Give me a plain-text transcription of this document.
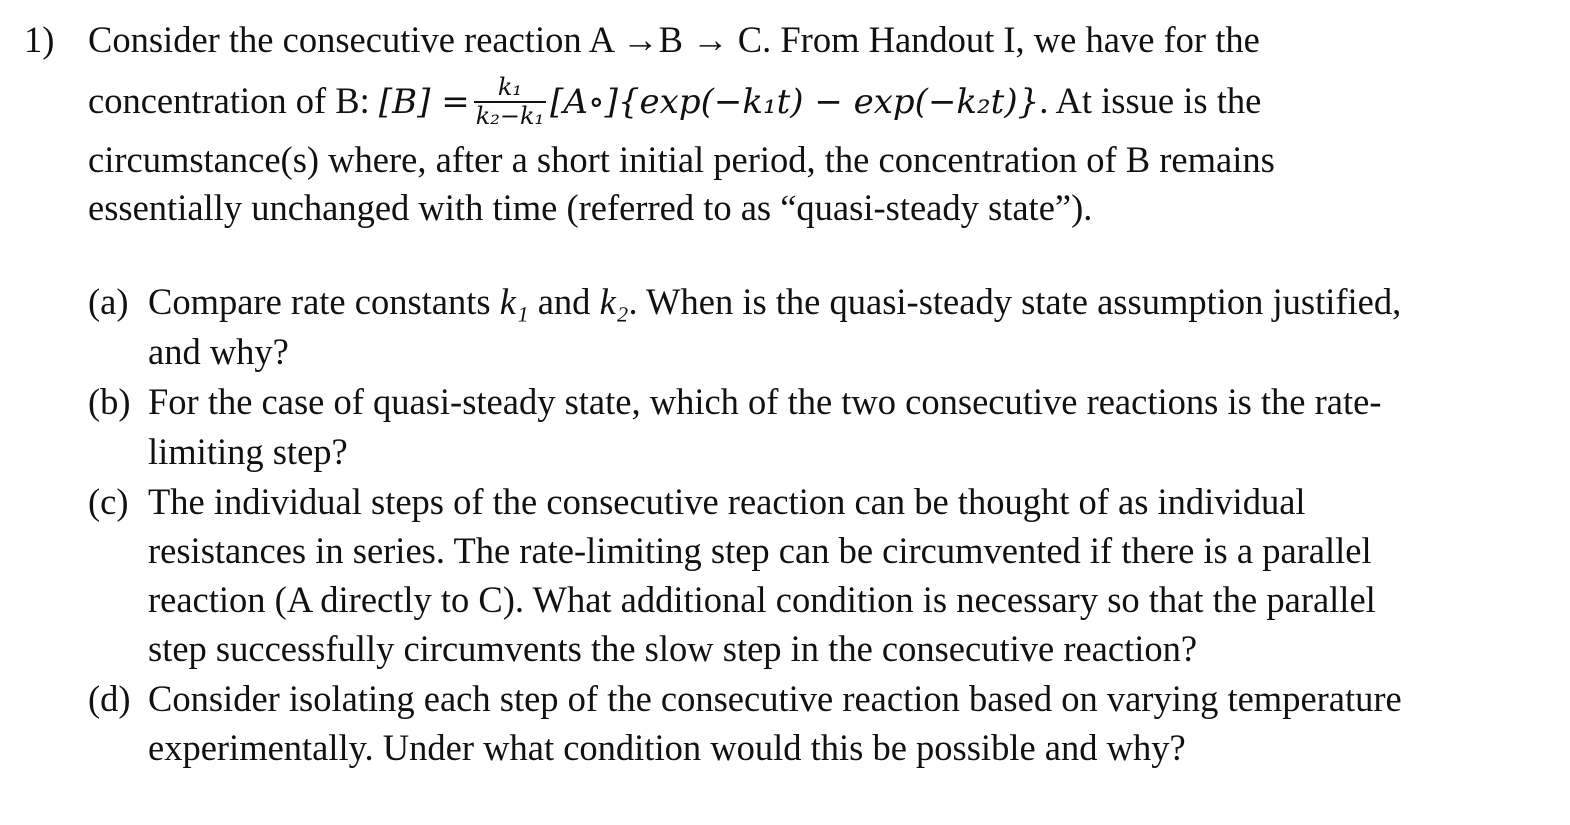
1) Consider the consecutive reaction A →B → C. From Handout I, we have for the
concentration of B: $[B] = \frac{\text{k₁}}{\text{k₂−k₁}}$ [A∘]{exp(−k₁t) − exp(−k₂t)}. At issue is the
circumstance(s) where, after a short initial period, the concentration of B remains
essentially unchanged with time (referred to as “quasi-steady state”).
(a) Compare rate constants k₁ and k₂. When is the quasi-steady state assumption justified,
and why?
(b) For the case of quasi-steady state, which of the two consecutive reactions is the rate-
limiting step?
(c) The individual steps of the consecutive reaction can be thought of as individual
resistances in series. The rate-limiting step can be circumvented if there is a parallel
reaction (A directly to C). What additional condition is necessary so that the parallel
step successfully circumvents the slow step in the consecutive reaction?
(d) Consider isolating each step of the consecutive reaction based on varying temperature
experimentally. Under what condition would this be possible and why?
